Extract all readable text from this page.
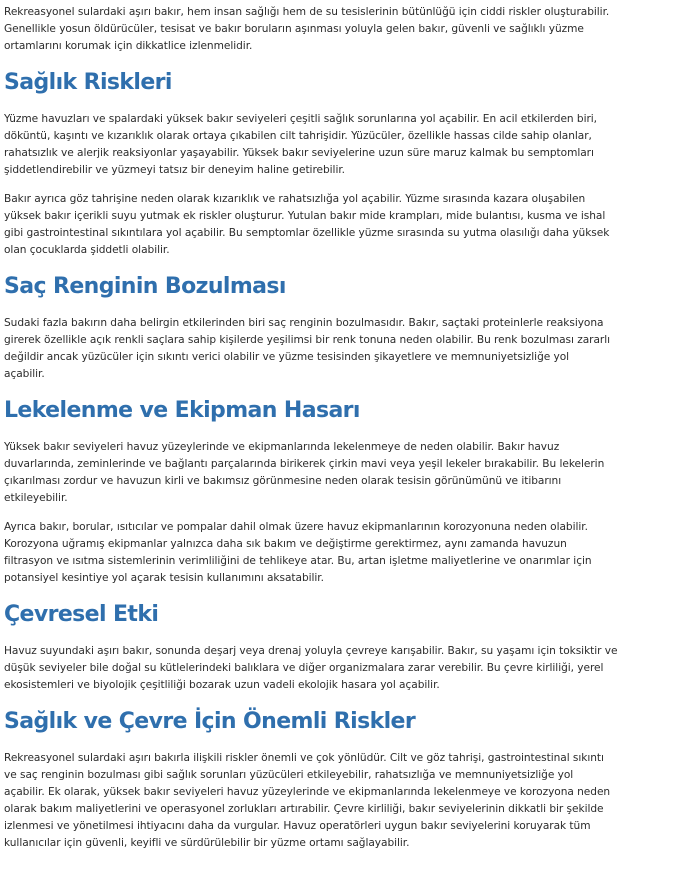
Rekreasyonel sulardaki aşırı bakır, hem insan sağlığı hem de su tesislerinin bütünlüğü için ciddi riskler oluşturabilir.
Genellikle yosun öldürücüler, tesisat ve bakır boruların aşınması yoluyla gelen bakır, güvenli ve sağlıklı yüzme
ortamlarını korumak için dikkatlice izlenmelidir.

Sağlık Riskleri

Yüzme havuzları ve spalardaki yüksek bakır seviyeleri çeşitli sağlık sorunlarına yol açabilir. En acil etkilerden biri,
döküntü, kaşıntı ve kızarıklık olarak ortaya çıkabilen cilt tahrişidir. Yüzücüler, özellikle hassas cilde sahip olanlar,
rahatsızlık ve alerjik reaksiyonlar yaşayabilir. Yüksek bakır seviyelerine uzun süre maruz kalmak bu semptomları
şiddetlendirebilir ve yüzmeyi tatsız bir deneyim haline getirebilir.

Bakır ayrıca göz tahrişine neden olarak kızarıklık ve rahatsızlığa yol açabilir. Yüzme sırasında kazara oluşabilen
yüksek bakır içerikli suyu yutmak ek riskler oluşturur. Yutulan bakır mide krampları, mide bulantısı, kusma ve ishal
gibi gastrointestinal sıkıntılara yol açabilir. Bu semptomlar özellikle yüzme sırasında su yutma olasılığı daha yüksek
olan çocuklarda şiddetli olabilir.

Saç Renginin Bozulması

Sudaki fazla bakırın daha belirgin etkilerinden biri saç renginin bozulmasıdır. Bakır, saçtaki proteinlerle reaksiyona
girerek özellikle açık renkli saçlara sahip kişilerde yeşilimsi bir renk tonuna neden olabilir. Bu renk bozulması zararlı
değildir ancak yüzücüler için sıkıntı verici olabilir ve yüzme tesisinden şikayetlere ve memnuniyetsizliğe yol
açabilir.

Lekelenme ve Ekipman Hasarı

Yüksek bakır seviyeleri havuz yüzeylerinde ve ekipmanlarında lekelenmeye de neden olabilir. Bakır havuz
duvarlarında, zeminlerinde ve bağlantı parçalarında birikerek çirkin mavi veya yeşil lekeler bırakabilir. Bu lekelerin
çıkarılması zordur ve havuzun kirli ve bakımsız görünmesine neden olarak tesisin görünümünü ve itibarını
etkileyebilir.

Ayrıca bakır, borular, ısıtıcılar ve pompalar dahil olmak üzere havuz ekipmanlarının korozyonuna neden olabilir.
Korozyona uğramış ekipmanlar yalnızca daha sık bakım ve değiştirme gerektirmez, aynı zamanda havuzun
filtrasyon ve ısıtma sistemlerinin verimliliğini de tehlikeye atar. Bu, artan işletme maliyetlerine ve onarımlar için
potansiyel kesintiye yol açarak tesisin kullanımını aksatabilir.

Çevresel Etki

Havuz suyundaki aşırı bakır, sonunda deşarj veya drenaj yoluyla çevreye karışabilir. Bakır, su yaşamı için toksiktir ve
düşük seviyeler bile doğal su kütlelerindeki balıklara ve diğer organizmalara zarar verebilir. Bu çevre kirliliği, yerel
ekosistemleri ve biyolojik çeşitliliği bozarak uzun vadeli ekolojik hasara yol açabilir.

Sağlık ve Çevre İçin Önemli Riskler

Rekreasyonel sulardaki aşırı bakırla ilişkili riskler önemli ve çok yönlüdür. Cilt ve göz tahrişi, gastrointestinal sıkıntı
ve saç renginin bozulması gibi sağlık sorunları yüzücüleri etkileyebilir, rahatsızlığa ve memnuniyetsizliğe yol
açabilir. Ek olarak, yüksek bakır seviyeleri havuz yüzeylerinde ve ekipmanlarında lekelenmeye ve korozyona neden
olarak bakım maliyetlerini ve operasyonel zorlukları artırabilir. Çevre kirliliği, bakır seviyelerinin dikkatli bir şekilde
izlenmesi ve yönetilmesi ihtiyacını daha da vurgular. Havuz operatörleri uygun bakır seviyelerini koruyarak tüm
kullanıcılar için güvenli, keyifli ve sürdürülebilir bir yüzme ortamı sağlayabilir.
